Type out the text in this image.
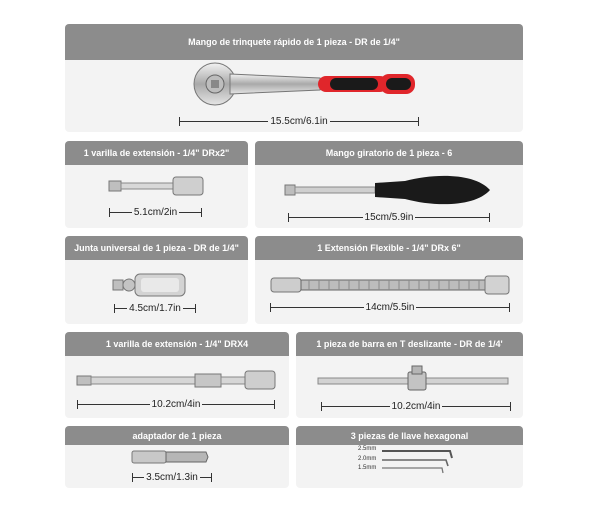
Mango de trinquete rápido de 1 pieza - DR de 1/4"
15.5cm/6.1in
1 varilla de extensión - 1/4" DRx2"
5.1cm/2in
Mango giratorio de 1 pieza - 6
15cm/5.9in
Junta universal de 1 pieza - DR de 1/4"
4.5cm/1.7in
1 Extensión Flexible - 1/4" DRx 6"
14cm/5.5in
1 varilla de extensión - 1/4" DRX4
10.2cm/4in
1 pieza de barra en T deslizante - DR de 1/4'
10.2cm/4in
adaptador de 1 pieza
3.5cm/1.3in
3 piezas de llave hexagonal
2.5mm
2.0mm
1.5mm
